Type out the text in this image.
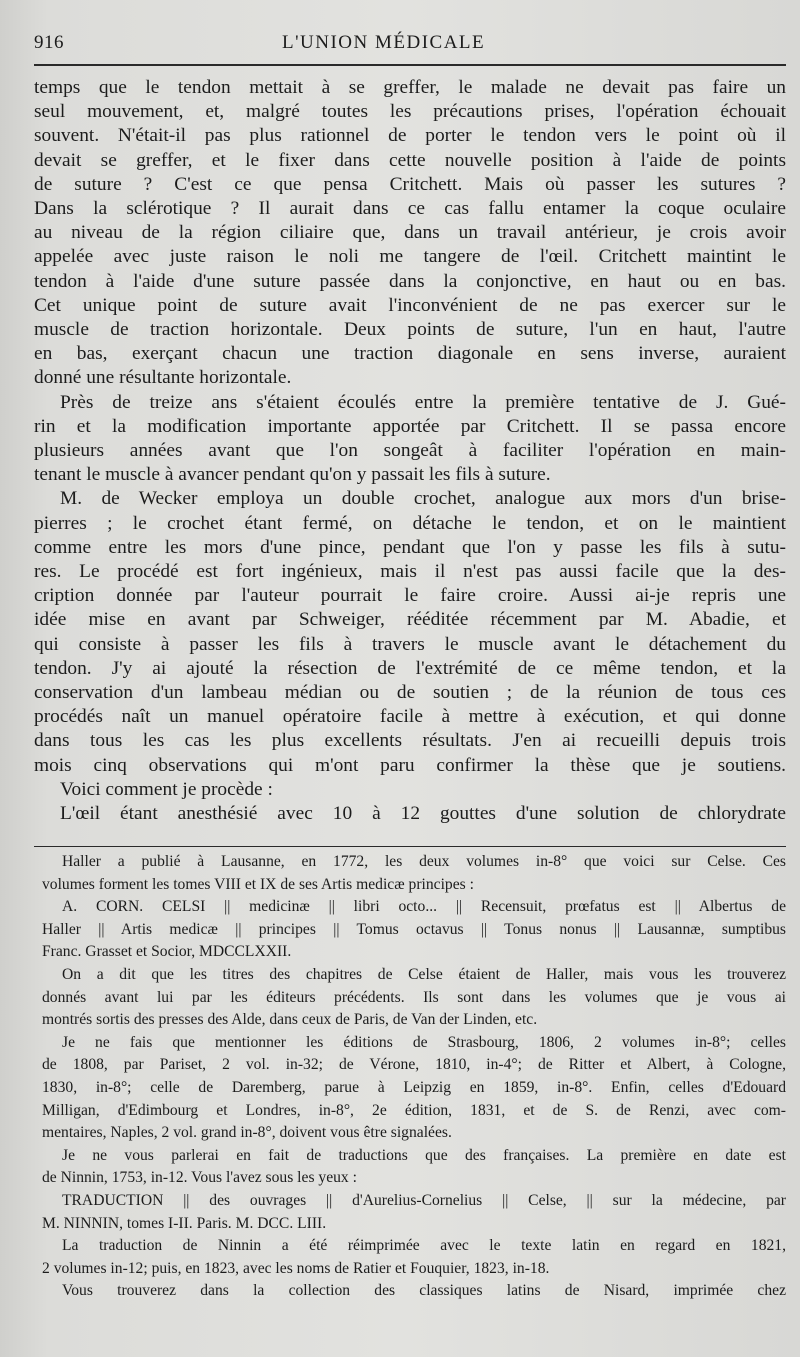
916	L'UNION MÉDICALE
temps que le tendon mettait à se greffer, le malade ne devait pas faire un
seul mouvement, et, malgré toutes les précautions prises, l'opération échouait
souvent. N'était-il pas plus rationnel de porter le tendon vers le point où il
devait se greffer, et le fixer dans cette nouvelle position à l'aide de points
de suture ? C'est ce que pensa Critchett. Mais où passer les sutures ?
Dans la sclérotique ? Il aurait dans ce cas fallu entamer la coque oculaire
au niveau de la région ciliaire que, dans un travail antérieur, je crois avoir
appelée avec juste raison le noli me tangere de l'œil. Critchett maintint le
tendon à l'aide d'une suture passée dans la conjonctive, en haut ou en bas.
Cet unique point de suture avait l'inconvénient de ne pas exercer sur le
muscle de traction horizontale. Deux points de suture, l'un en haut, l'autre
en bas, exerçant chacun une traction diagonale en sens inverse, auraient
donné une résultante horizontale.
Près de treize ans s'étaient écoulés entre la première tentative de J. Gué-
rin et la modification importante apportée par Critchett. Il se passa encore
plusieurs années avant que l'on songeât à faciliter l'opération en main-
tenant le muscle à avancer pendant qu'on y passait les fils à suture.
M. de Wecker employa un double crochet, analogue aux mors d'un brise-
pierres ; le crochet étant fermé, on détache le tendon, et on le maintient
comme entre les mors d'une pince, pendant que l'on y passe les fils à sutu-
res. Le procédé est fort ingénieux, mais il n'est pas aussi facile que la des-
cription donnée par l'auteur pourrait le faire croire. Aussi ai-je repris une
idée mise en avant par Schweiger, rééditée récemment par M. Abadie, et
qui consiste à passer les fils à travers le muscle avant le détachement du
tendon. J'y ai ajouté la résection de l'extrémité de ce même tendon, et la
conservation d'un lambeau médian ou de soutien ; de la réunion de tous ces
procédés naît un manuel opératoire facile à mettre à exécution, et qui donne
dans tous les cas les plus excellents résultats. J'en ai recueilli depuis trois
mois cinq observations qui m'ont paru confirmer la thèse que je soutiens.
Voici comment je procède :
L'œil étant anesthésié avec 10 à 12 gouttes d'une solution de chlorydrate
Haller a publié à Lausanne, en 1772, les deux volumes in-8° que voici sur Celse. Ces
volumes forment les tomes VIII et IX de ses Artis medicæ principes :
A. CORN. CELSI || medicinæ || libri octo... || Recensuit, prœfatus est || Albertus de
Haller || Artis medicæ || principes || Tomus octavus || Tonus nonus || Lausannæ, sumptibus
Franc. Grasset et Socior, MDCCLXXII.
On a dit que les titres des chapitres de Celse étaient de Haller, mais vous les trouverez
donnés avant lui par les éditeurs précédents. Ils sont dans les volumes que je vous ai
montrés sortis des presses des Alde, dans ceux de Paris, de Van der Linden, etc.
Je ne fais que mentionner les éditions de Strasbourg, 1806, 2 volumes in-8°; celles
de 1808, par Pariset, 2 vol. in-32; de Vérone, 1810, in-4°; de Ritter et Albert, à Cologne,
1830, in-8°; celle de Daremberg, parue à Leipzig en 1859, in-8°. Enfin, celles d'Edouard
Milligan, d'Edimbourg et Londres, in-8°, 2e édition, 1831, et de S. de Renzi, avec com-
mentaires, Naples, 2 vol. grand in-8°, doivent vous être signalées.
Je ne vous parlerai en fait de traductions que des françaises. La première en date est
de Ninnin, 1753, in-12. Vous l'avez sous les yeux :
TRADUCTION || des ouvrages || d'Aurelius-Cornelius || Celse, || sur la médecine, par
M. NINNIN, tomes I-II. Paris. M. DCC. LIII.
La traduction de Ninnin a été réimprimée avec le texte latin en regard en 1821,
2 volumes in-12; puis, en 1823, avec les noms de Ratier et Fouquier, 1823, in-18.
Vous trouverez dans la collection des classiques latins de Nisard, imprimée chez
